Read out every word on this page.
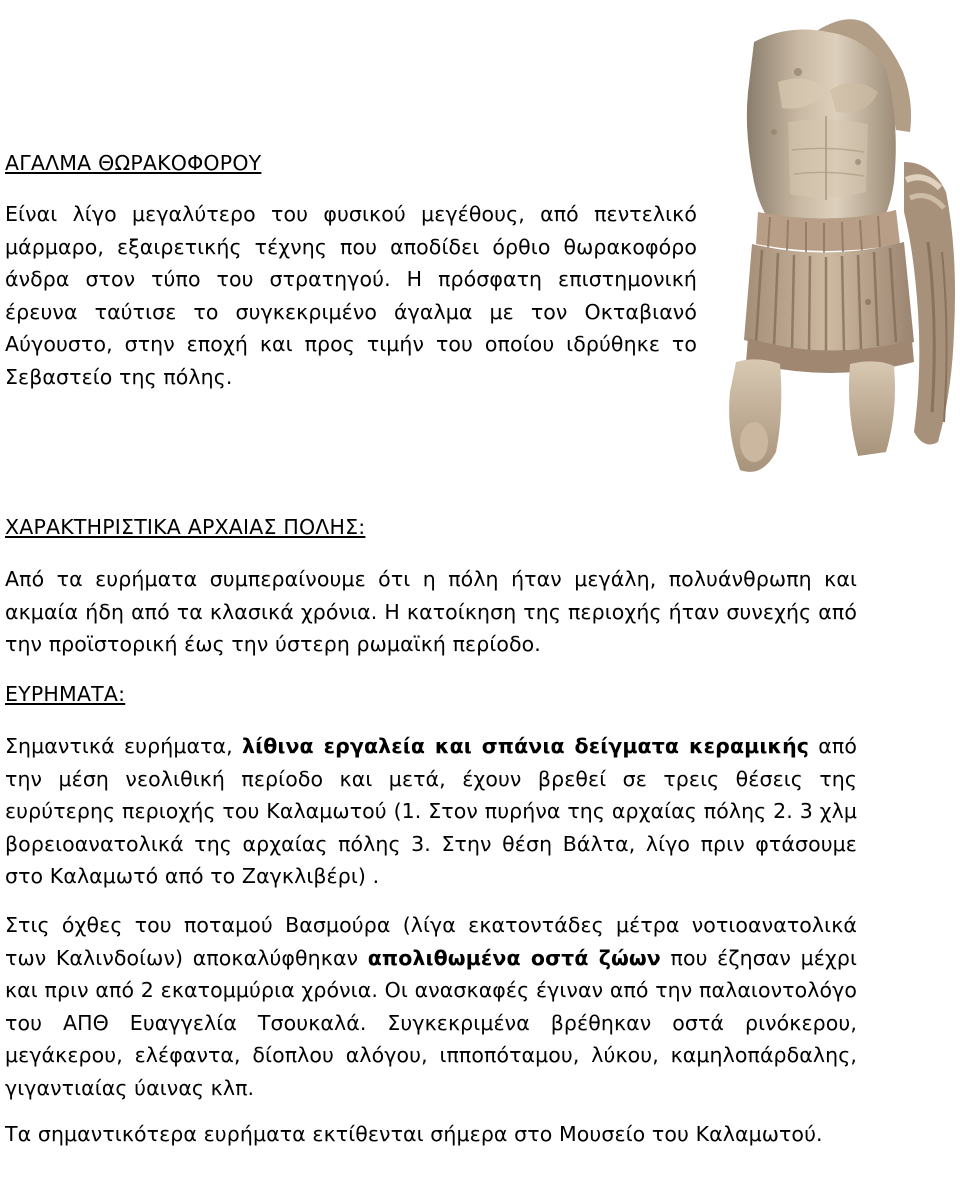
ΑΓΑΛΜΑ ΘΩΡΑΚΟΦΟΡΟΥ

Είναι λίγο μεγαλύτερο του φυσικού μεγέθους, από πεντελικό μάρμαρο, εξαιρετικής τέχνης που αποδίδει όρθιο θωρακοφόρο άνδρα στον τύπο του στρατηγού. Η πρόσφατη επιστημονική έρευνα ταύτισε το συγκεκριμένο άγαλμα με τον Οκταβιανό Αύγουστο, στην εποχή και προς τιμήν του οποίου ιδρύθηκε το Σεβαστείο της πόλης.

ΧΑΡΑΚΤΗΡΙΣΤΙΚΑ ΑΡΧΑΙΑΣ ΠΟΛΗΣ:

Από τα ευρήματα συμπεραίνουμε ότι η πόλη ήταν μεγάλη, πολυάνθρωπη και ακμαία ήδη από τα κλασικά χρόνια. Η κατοίκηση της περιοχής ήταν συνεχής από την προϊστορική έως την ύστερη ρωμαϊκή περίοδο.

ΕΥΡΗΜΑΤΑ:

Σημαντικά ευρήματα, λίθινα εργαλεία και σπάνια δείγματα κεραμικής από την μέση νεολιθική περίοδο και μετά, έχουν βρεθεί σε τρεις θέσεις της ευρύτερης περιοχής του Καλαμωτού (1. Στον πυρήνα της αρχαίας πόλης 2. 3 χλμ βορειοανατολικά της αρχαίας πόλης 3. Στην θέση Βάλτα, λίγο πριν φτάσουμε στο Καλαμωτό από το Ζαγκλιβέρι) .

Στις όχθες του ποταμού Βασμούρα (λίγα εκατοντάδες μέτρα νοτιοανατολικά των Καλινδοίων) αποκαλύφθηκαν απολιθωμένα οστά ζώων που έζησαν μέχρι και πριν από 2 εκατομμύρια χρόνια. Οι ανασκαφές έγιναν από την παλαιοντολόγο του ΑΠΘ Ευαγγελία Τσουκαλά. Συγκεκριμένα βρέθηκαν οστά ρινόκερου, μεγάκερου, ελέφαντα, δίοπλου αλόγου, ιπποπόταμου, λύκου, καμηλοπάρδαλης, γιγαντιαίας ύαινας κλπ.

Τα σημαντικότερα ευρήματα εκτίθενται σήμερα στο Μουσείο του Καλαμωτού.
